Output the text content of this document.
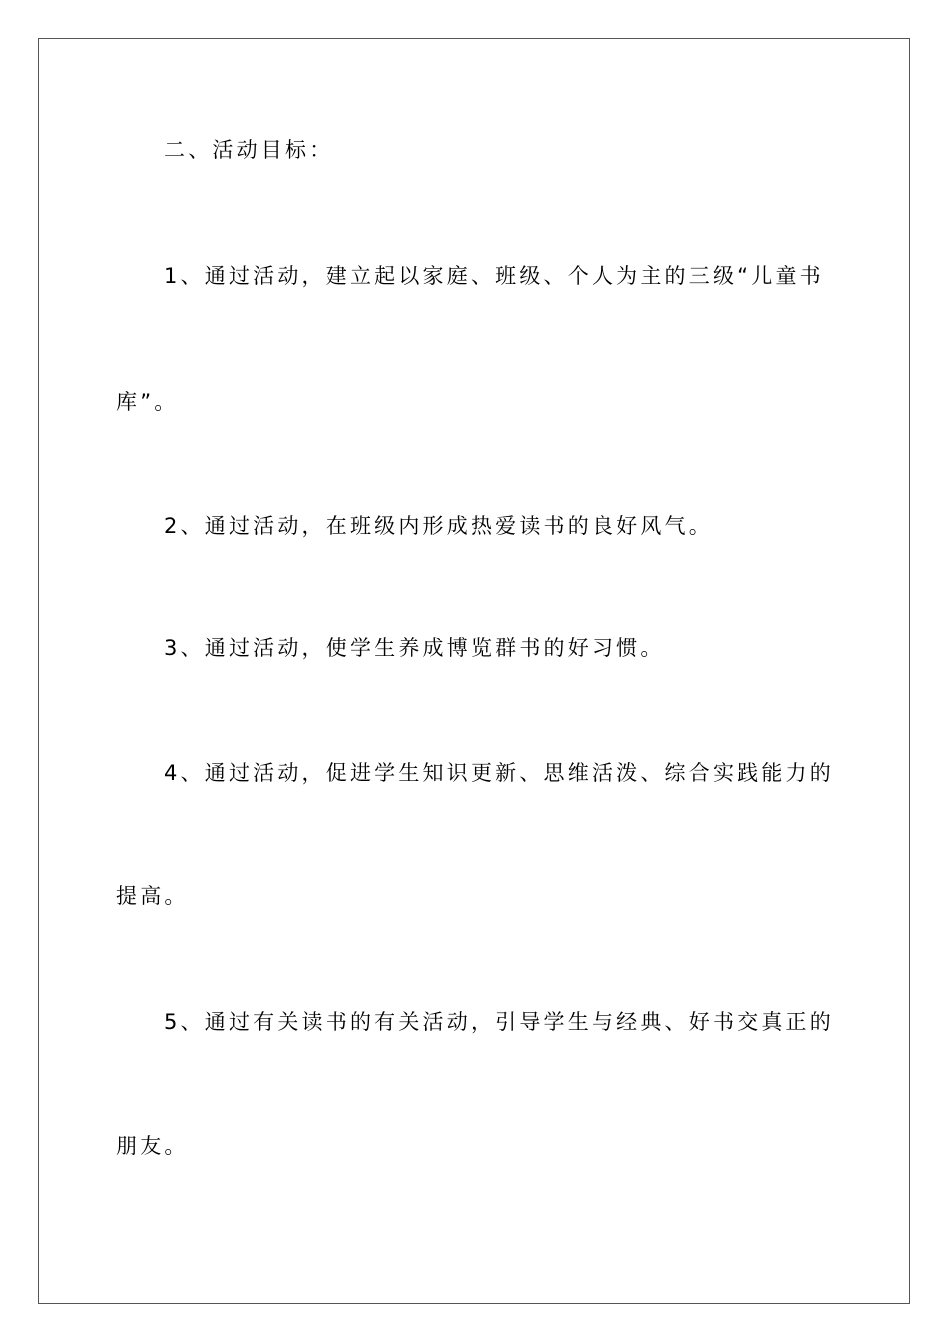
二、活动目标：
1、通过活动，建立起以家庭、班级、个人为主的三级“儿童书
库”。
2、通过活动，在班级内形成热爱读书的良好风气。
3、通过活动，使学生养成博览群书的好习惯。
4、通过活动，促进学生知识更新、思维活泼、综合实践能力的
提高。
5、通过有关读书的有关活动，引导学生与经典、好书交真正的
朋友。
